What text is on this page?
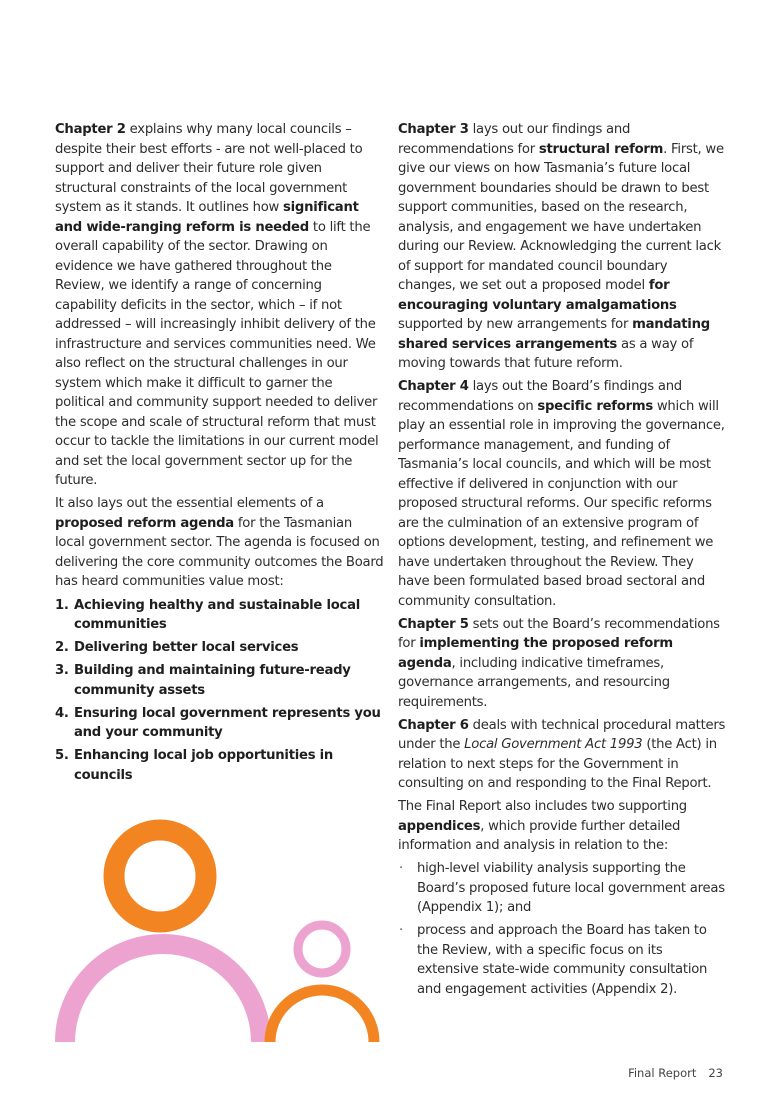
Chapter 2 explains why many local councils – despite their best efforts - are not well-placed to support and deliver their future role given structural constraints of the local government system as it stands. It outlines how significant and wide-ranging reform is needed to lift the overall capability of the sector. Drawing on evidence we have gathered throughout the Review, we identify a range of concerning capability deficits in the sector, which – if not addressed – will increasingly inhibit delivery of the infrastructure and services communities need. We also reflect on the structural challenges in our system which make it difficult to garner the political and community support needed to deliver the scope and scale of structural reform that must occur to tackle the limitations in our current model and set the local government sector up for the future.

It also lays out the essential elements of a proposed reform agenda for the Tasmanian local government sector. The agenda is focused on delivering the core community outcomes the Board has heard communities value most:

1. Achieving healthy and sustainable local communities
2. Delivering better local services
3. Building and maintaining future-ready community assets
4. Ensuring local government represents you and your community
5. Enhancing local job opportunities in councils

Chapter 3 lays out our findings and recommendations for structural reform. First, we give our views on how Tasmania’s future local government boundaries should be drawn to best support communities, based on the research, analysis, and engagement we have undertaken during our Review. Acknowledging the current lack of support for mandated council boundary changes, we set out a proposed model for encouraging voluntary amalgamations supported by new arrangements for mandating shared services arrangements as a way of moving towards that future reform.

Chapter 4 lays out the Board’s findings and recommendations on specific reforms which will play an essential role in improving the governance, performance management, and funding of Tasmania’s local councils, and which will be most effective if delivered in conjunction with our proposed structural reforms. Our specific reforms are the culmination of an extensive program of options development, testing, and refinement we have undertaken throughout the Review. They have been formulated based broad sectoral and community consultation.

Chapter 5 sets out the Board’s recommendations for implementing the proposed reform agenda, including indicative timeframes, governance arrangements, and resourcing requirements.

Chapter 6 deals with technical procedural matters under the Local Government Act 1993 (the Act) in relation to next steps for the Government in consulting on and responding to the Final Report.

The Final Report also includes two supporting appendices, which provide further detailed information and analysis in relation to the:

· high-level viability analysis supporting the Board’s proposed future local government areas (Appendix 1); and
· process and approach the Board has taken to the Review, with a specific focus on its extensive state-wide community consultation and engagement activities (Appendix 2).
Final Report 23
